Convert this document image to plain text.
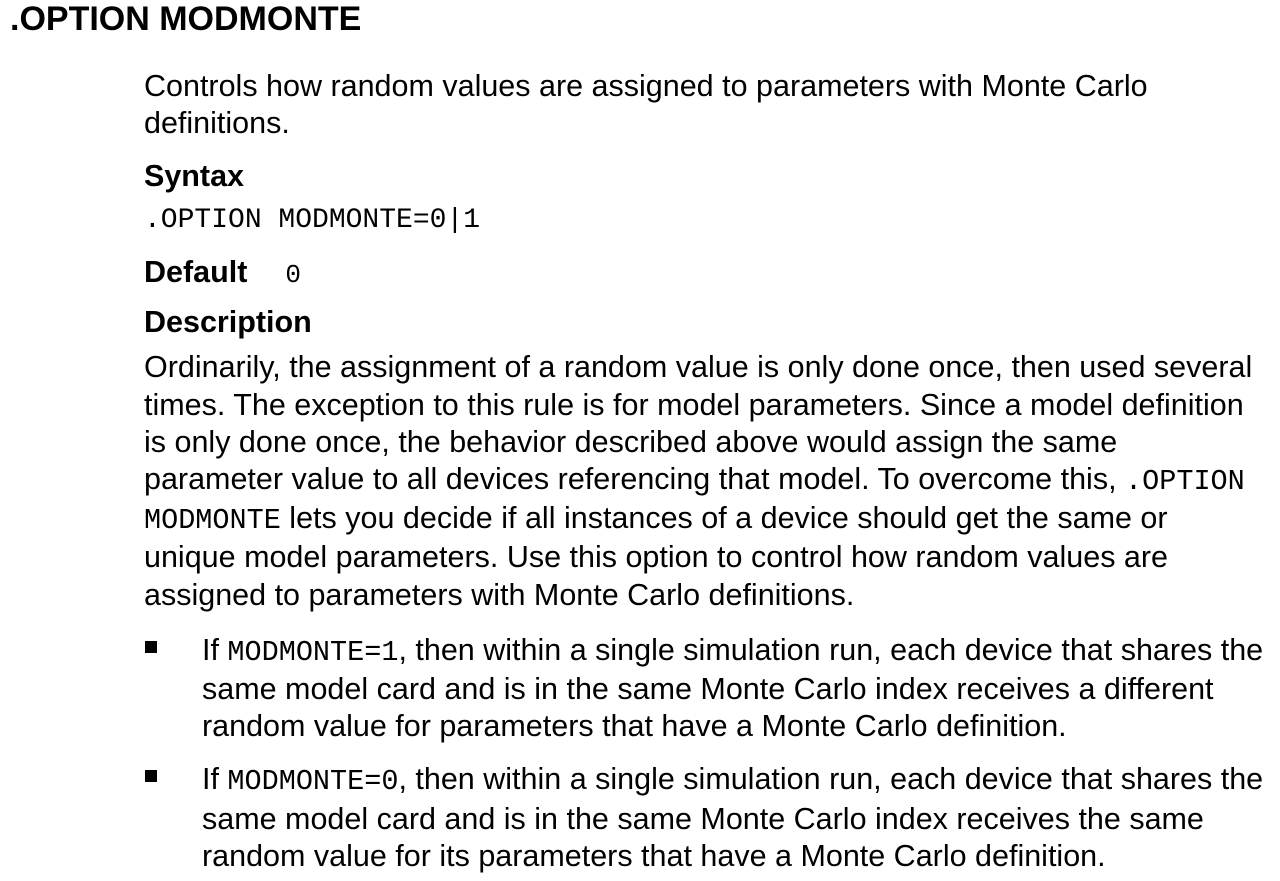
.OPTION MODMONTE

Controls how random values are assigned to parameters with Monte Carlo definitions.

Syntax
.OPTION MODMONTE=0|1
Default 0
Description

Ordinarily, the assignment of a random value is only done once, then used several times. The exception to this rule is for model parameters. Since a model definition is only done once, the behavior described above would assign the same parameter value to all devices referencing that model. To overcome this, .OPTION MODMONTE lets you decide if all instances of a device should get the same or unique model parameters. Use this option to control how random values are assigned to parameters with Monte Carlo definitions.

If MODMONTE=1, then within a single simulation run, each device that shares the same model card and is in the same Monte Carlo index receives a different random value for parameters that have a Monte Carlo definition.
If MODMONTE=0, then within a single simulation run, each device that shares the same model card and is in the same Monte Carlo index receives the same random value for its parameters that have a Monte Carlo definition.
